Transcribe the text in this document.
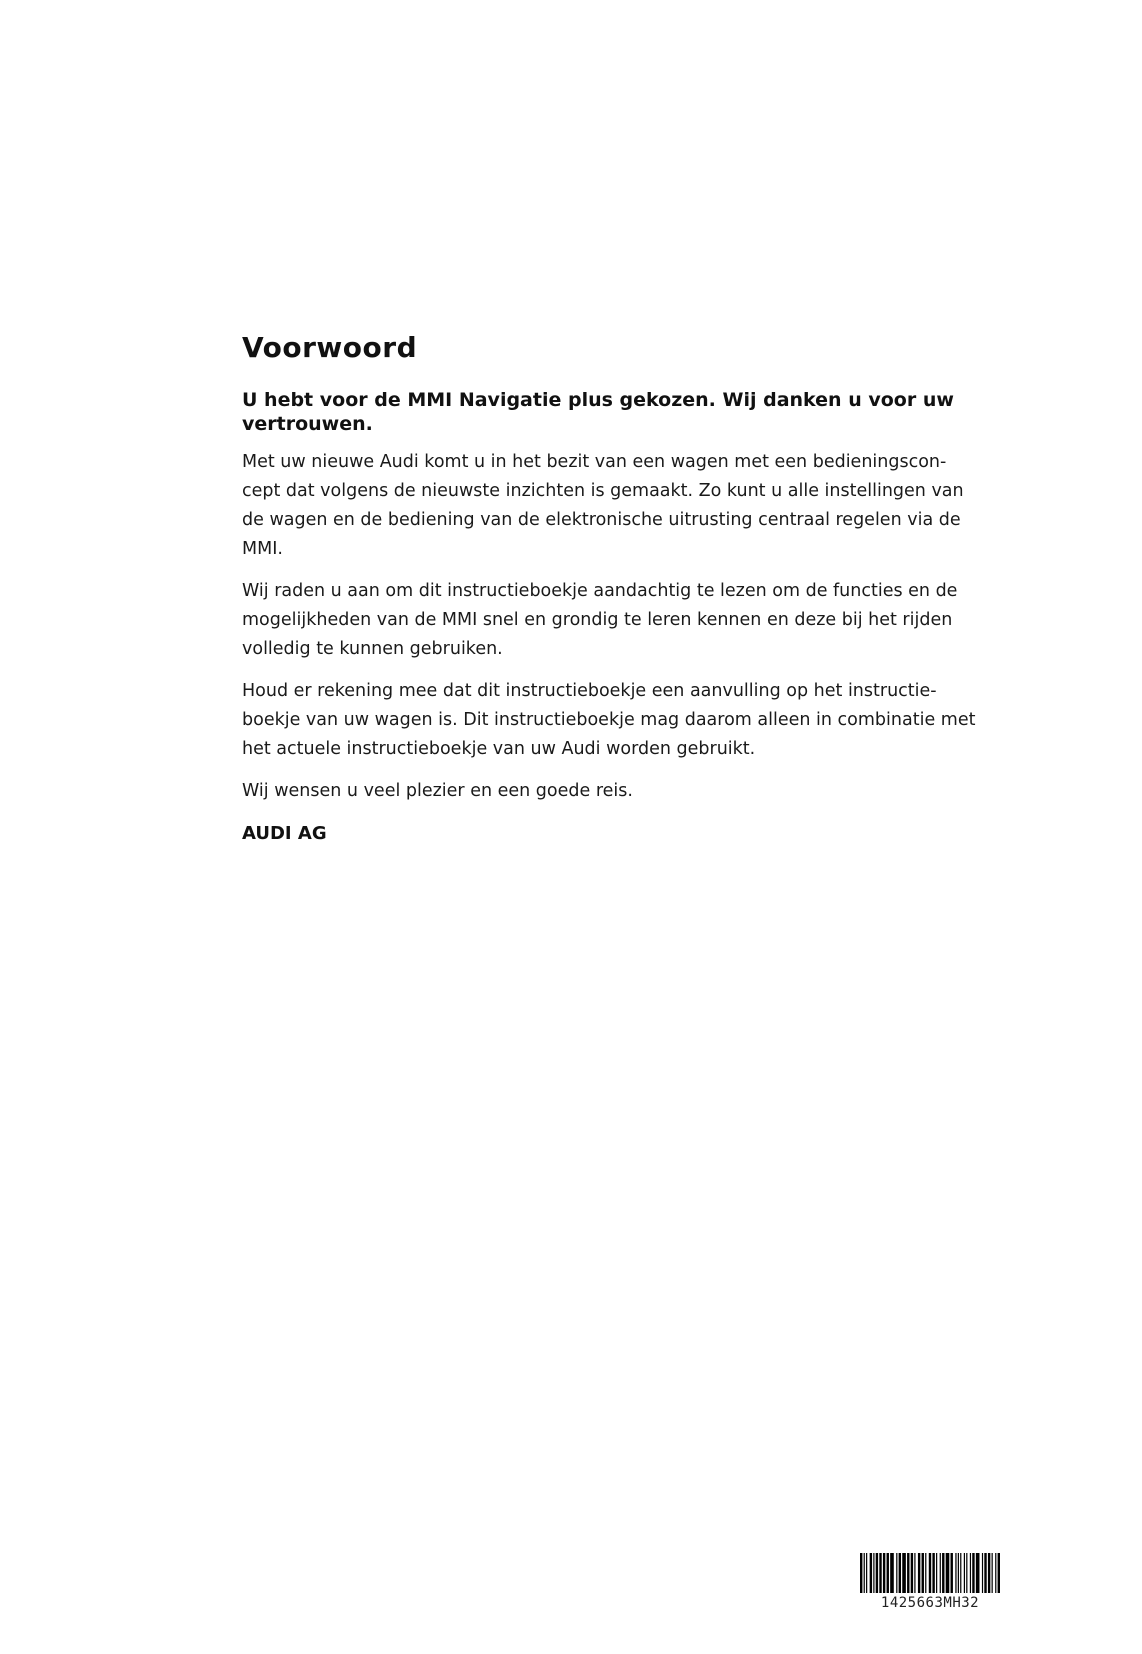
Voorwoord

U hebt voor de MMI Navigatie plus gekozen. Wij danken u voor uw vertrouwen.

Met uw nieuwe Audi komt u in het bezit van een wagen met een bedieningscon-cept dat volgens de nieuwste inzichten is gemaakt. Zo kunt u alle instellingen van de wagen en de bediening van de elektronische uitrusting centraal regelen via de MMI.

Wij raden u aan om dit instructieboekje aandachtig te lezen om de functies en de mogelijkheden van de MMI snel en grondig te leren kennen en deze bij het rijden volledig te kunnen gebruiken.

Houd er rekening mee dat dit instructieboekje een aanvulling op het instructie-boekje van uw wagen is. Dit instructieboekje mag daarom alleen in combinatie met het actuele instructieboekje van uw Audi worden gebruikt.

Wij wensen u veel plezier en een goede reis.

AUDI AG

1425663MH32
